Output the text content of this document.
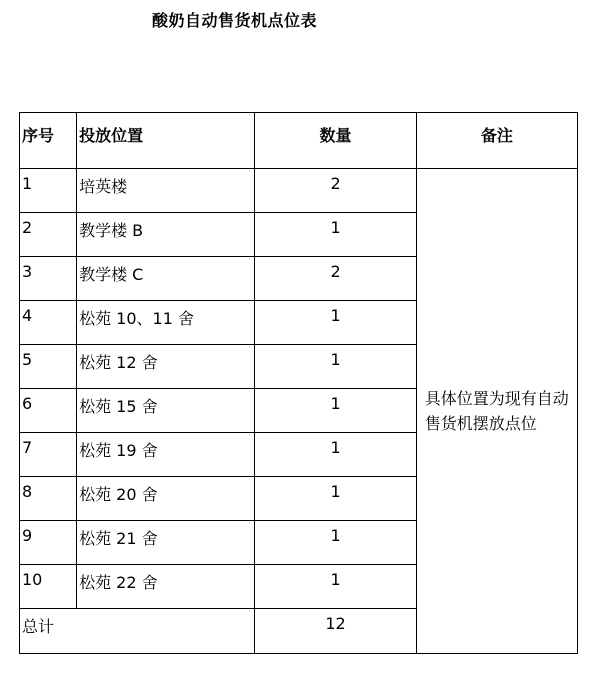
酸奶自动售货机点位表
序号	投放位置	数量	备注
1	培英楼	2	具体位置为现有自动售货机摆放点位
2	教学楼 B	1	
3	教学楼 C	2	
4	松苑 10、11 舍	1	
5	松苑 12 舍	1	
6	松苑 15 舍	1	
7	松苑 19 舍	1	
8	松苑 20 舍	1	
9	松苑 21 舍	1	
10	松苑 22 舍	1	
总计		12	
